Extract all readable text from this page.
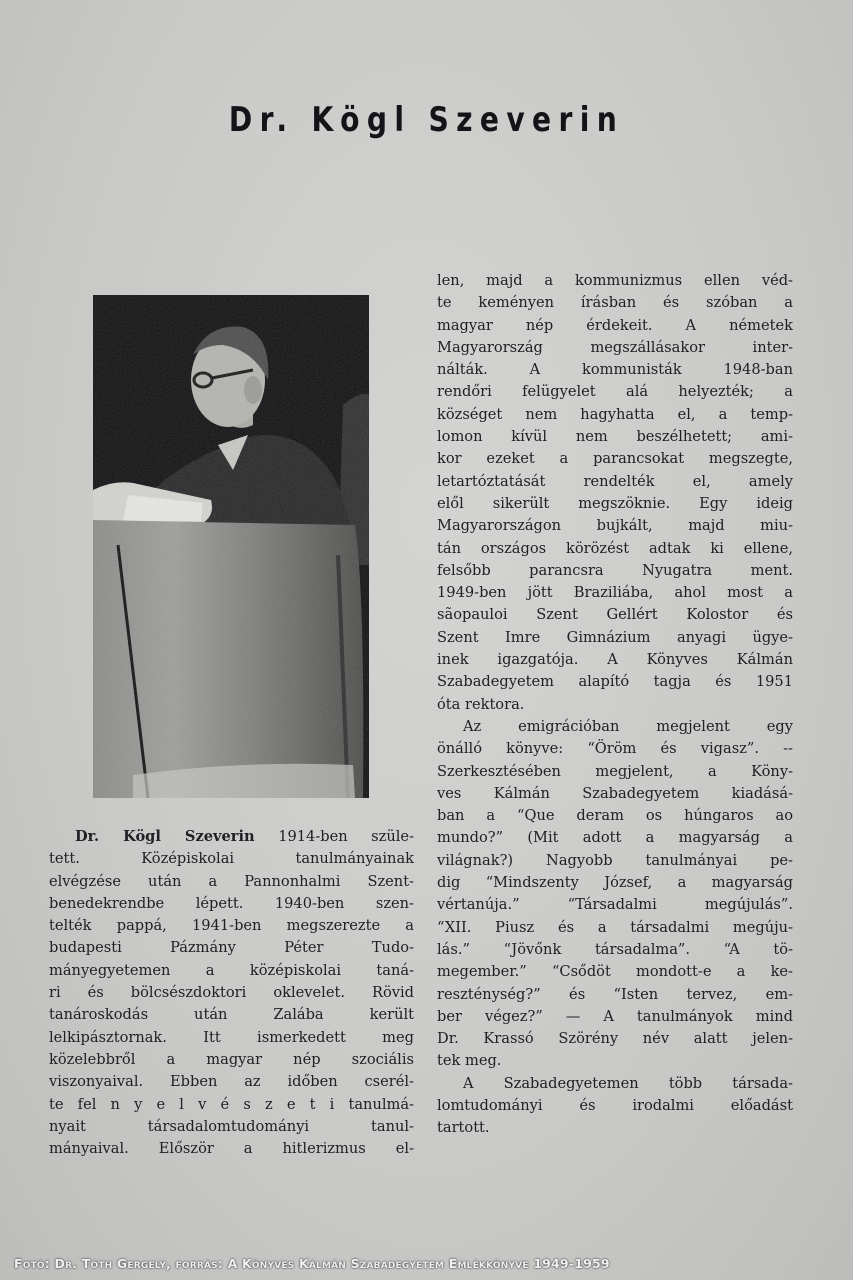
Dr. Kögl Szeverin
Dr. Kögl Szeverin 1914-ben szüle-
tett. Középiskolai tanulmányainak
elvégzése után a Pannonhalmi Szent-
benedekrendbe lépett. 1940-ben szen-
telték pappá, 1941-ben megszerezte a
budapesti Pázmány Péter Tudo-
mányegyetemen a középiskolai taná-
ri és bölcsészdoktori oklevelet. Rövid
tanároskodás után Zalába került
lelkipásztornak. Itt ismerkedett meg
közelebbről a magyar nép szociális
viszonyaival. Ebben az időben cserél-
te fel n y e l v é s z e t i tanulmá-
nyait társadalomtudományi tanul-
mányaival. Először a hitlerizmus el-
len, majd a kommunizmus ellen véd-
te keményen írásban és szóban a
magyar nép érdekeit. A németek
Magyarország megszállásakor inter-
nálták. A kommunisták 1948-ban
rendőri felügyelet alá helyezték; a
községet nem hagyhatta el, a temp-
lomon kívül nem beszélhetett; ami-
kor ezeket a parancsokat megszegte,
letartóztatását rendelték el, amely
elől sikerült megszöknie. Egy ideig
Magyarországon bujkált, majd miu-
tán országos körözést adtak ki ellene,
felsőbb parancsra Nyugatra ment.
1949-ben jött Braziliába, ahol most a
sãopauloi Szent Gellért Kolostor és
Szent Imre Gimnázium anyagi ügye-
inek igazgatója. A Könyves Kálmán
Szabadegyetem alapító tagja és 1951
óta rektora.
Az emigrációban megjelent egy
önálló könyve: “Öröm és vigasz”. --
Szerkesztésében megjelent, a Köny-
ves Kálmán Szabadegyetem kiadásá-
ban a “Que deram os húngaros ao
mundo?” (Mit adott a magyarság a
világnak?) Nagyobb tanulmányai pe-
dig “Mindszenty József, a magyarság
vértanúja.” “Társadalmi megújulás”.
“XII. Piusz és a társadalmi megúju-
lás.” “Jövőnk társadalma”. “A tö-
megember.” “Csődöt mondott-e a ke-
reszténység?” és “Isten tervez, em-
ber végez?” — A tanulmányok mind
Dr. Krassó Szörény név alatt jelen-
tek meg.
A Szabadegyetemen több társada-
lomtudományi és irodalmi előadást
tartott.
Fotó: Dr. Tóth Gergely, forrás: A Könyves Kálmán Szabadegyetem Emlékkönyve 1949-1959
